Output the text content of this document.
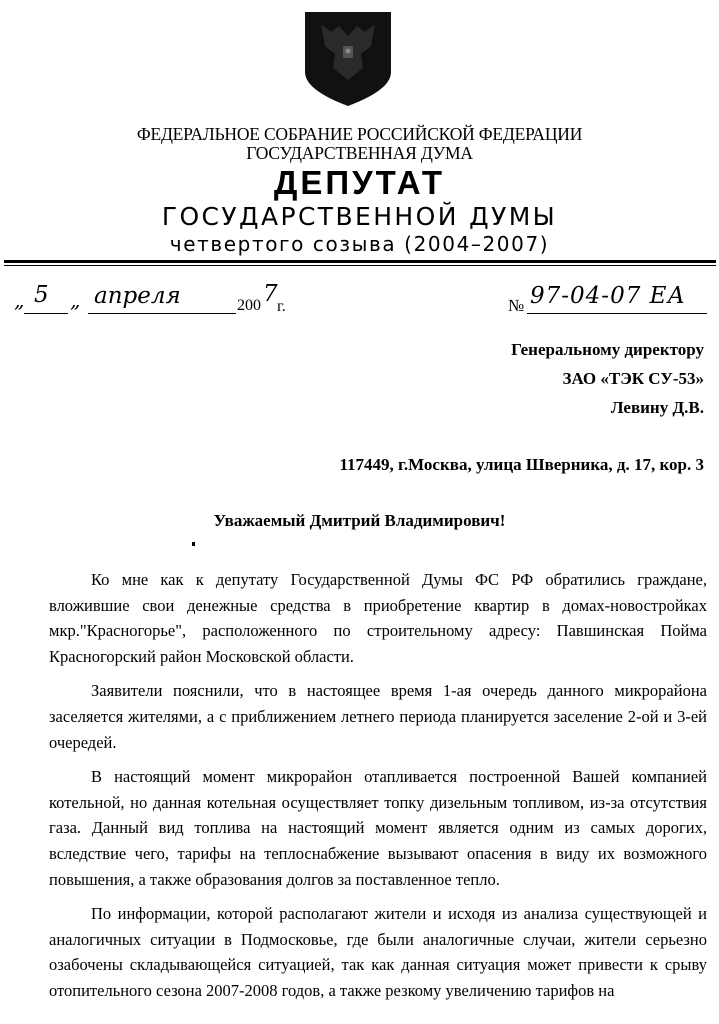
ФЕДЕРАЛЬНОЕ СОБРАНИЕ РОССИЙСКОЙ ФЕДЕРАЦИИ
ГОСУДАРСТВЕННАЯ ДУМА
ДЕПУТАТ
ГОСУДАРСТВЕННОЙ ДУМЫ
четвертого созыва (2004–2007)
„ 5 „ апреля	200 7 г.	№ 97-04-07 ЕА
Генеральному директору
ЗАО «ТЭК СУ-53»
Левину Д.В.
117449, г.Москва, улица Шверника, д. 17, кор. 3
Уважаемый Дмитрий Владимирович!

Ко мне как к депутату Государственной Думы ФС РФ обратились граждане, вложившие свои денежные средства в приобретение квартир в домах-новостройках мкр."Красногорье", расположенного по строительному адресу: Павшинская Пойма Красногорский район Московской области.

Заявители пояснили, что в настоящее время 1-ая очередь данного микрорайона заселяется жителями, а с приближением летнего периода планируется заселение 2-ой и 3-ей очередей.

В настоящий момент микрорайон отапливается построенной Вашей компанией котельной, но данная котельная осуществляет топку дизельным топливом, из-за отсутствия газа. Данный вид топлива на настоящий момент является одним из самых дорогих, вследствие чего, тарифы на теплоснабжение вызывают опасения в виду их возможного повышения, а также образования долгов за поставленное тепло.

По информации, которой располагают жители и исходя из анализа существующей и аналогичных ситуации в Подмосковье, где были аналогичные случаи, жители серьезно озабочены складывающейся ситуацией, так как данная ситуация может привести к срыву отопительного сезона 2007-2008 годов, а также резкому увеличению тарифов на
